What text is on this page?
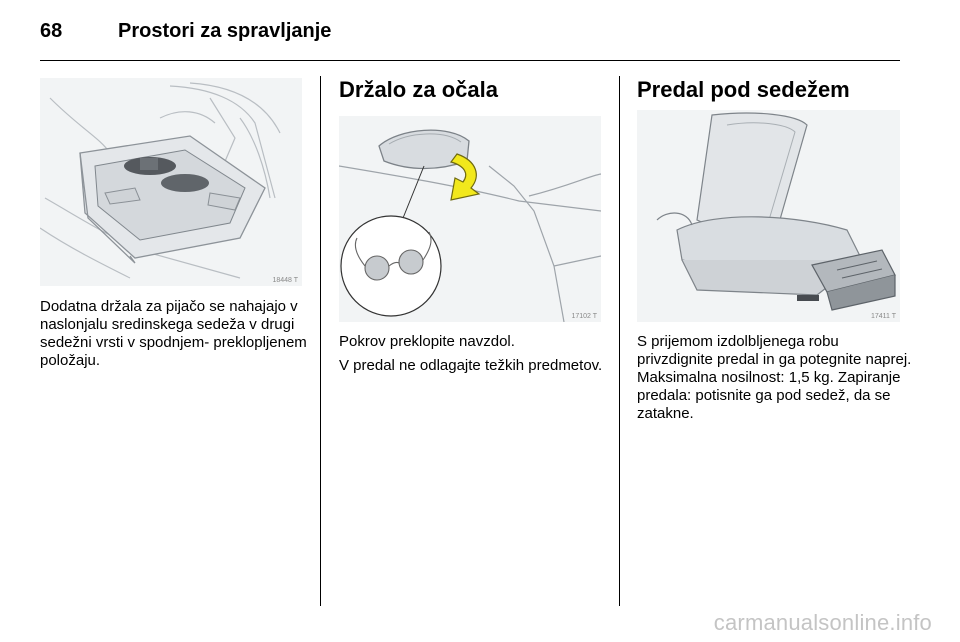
68	Prostori za spravljanje
18448 T

Dodatna držala za pijačo se nahajajo v naslonjalu sredinskega sedeža v drugi sedežni vrsti v spodnjem- preklopljenem položaju.

Držalo za očala
17102 T

Pokrov preklopite navzdol.

V predal ne odlagajte težkih predmetov.

Predal pod sedežem
17411 T

S prijemom izdolbljenega robu privzdignite predal in ga potegnite naprej. Maksimalna nosilnost: 1,5 kg. Zapiranje predala: potisnite ga pod sedež, da se zatakne.

carmanualsonline.info
